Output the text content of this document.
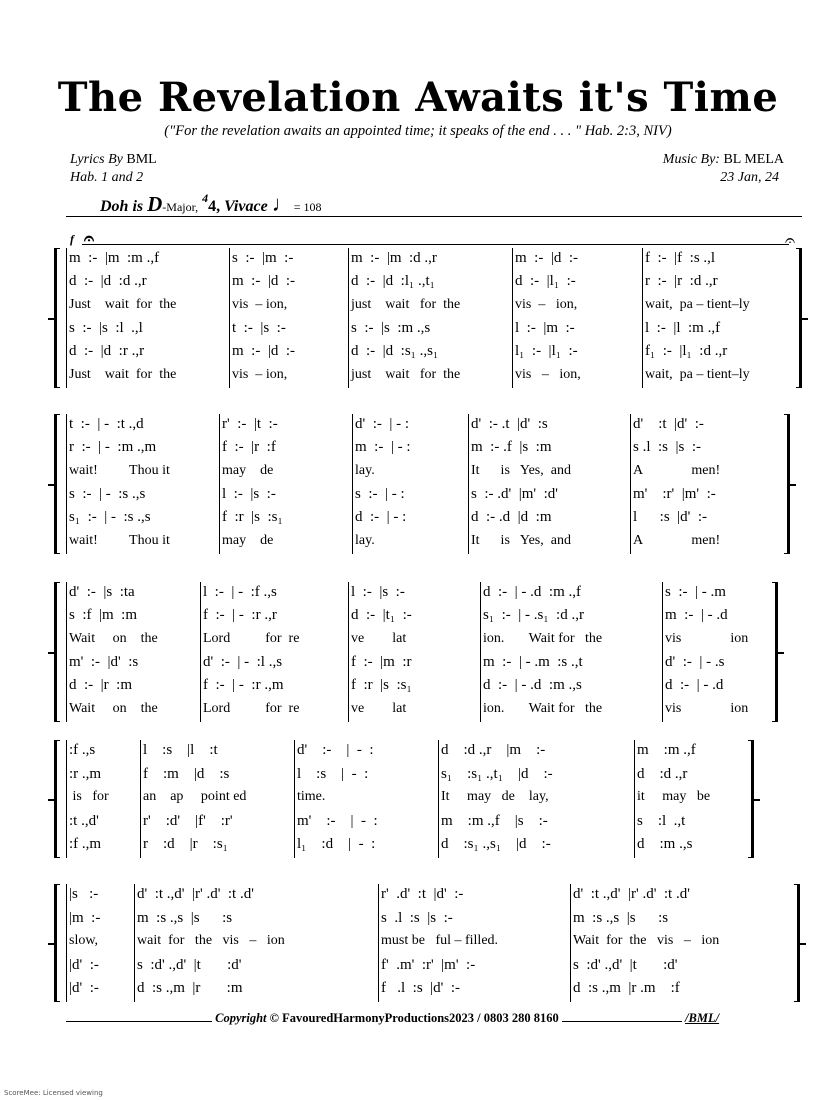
The Revelation Awaits it's Time
("For the revelation awaits an appointed time; it speaks of the end . . . " Hab. 2:3, NIV)
Lyrics By BML
Hab. 1 and 2
Music By: BL MELA
23 Jan, 24
Doh is D-Major, $^4$4, Vivace ♩= 108
f 𝄐	𝄐
m  :-  |m  :m .,f	s  :-  |m  :-	m  :-  |m  :d .,r	m  :-  |d  :-	f  :-  |f  :s .,l
d  :-  |d  :d .,r	m  :-  |d  :-	d  :-  |d  :l₁ .,t₁	d  :-  |l₁  :-	r  :-  |r  :d .,r
Just    wait  for  the	vis  – ion,	just    wait   for  the	vis  –   ion,	wait,  pa – tient–ly
s  :-  |s  :l  .,l	t  :-  |s  :-	s  :-  |s  :m .,s	l  :-  |m  :-	l  :-  |l  :m .,f
d  :-  |d  :r .,r	m  :-  |d  :-	d  :-  |d  :s₁ .,s₁	l₁  :-  |l₁  :-	f₁  :-  |l₁  :d .,r
Just    wait  for  the	vis  – ion,	just    wait   for  the	vis   –   ion,	wait,  pa – tient–ly
t  :-  | -  :t .,d	r'  :-  |t  :-	d'  :-  | - :	d'  :- .t  |d'  :s	d'    :t  |d'  :-
r  :-  | -  :m .,m	f  :-  |r  :f	m  :-  | - :	m  :- .f  |s  :m	s .l  :s  |s  :-
wait!         Thou it	may    de	lay.	It      is   Yes,  and	A              men!
s  :-  | -  :s .,s	l  :-  |s  :-	s  :-  | - :	s  :- .d'  |m'  :d'	m'    :r'  |m'  :-
s₁  :-  | -  :s .,s	f  :r  |s  :s₁	d  :-  | - :	d  :- .d  |d  :m	l      :s  |d'  :-
wait!         Thou it	may    de	lay.	It      is   Yes,  and	A              men!
d'  :-  |s  :ta	l  :-  | -  :f .,s	l  :-  |s  :-	d  :-  | - .d  :m .,f	s  :-  | - .m
s  :f  |m  :m	f  :-  | -  :r .,r	d  :-  |t₁  :-	s₁  :-  | - .s₁  :d .,r	m  :-  | - .d
Wait     on    the	Lord          for  re	ve        lat	ion.       Wait for   the	vis              ion
m'  :-  |d'  :s	d'  :-  | -  :l .,s	f  :-  |m  :r	m  :-  | - .m  :s .,t	d'  :-  | - .s
d  :-  |r  :m	f  :-  | -  :r .,m	f  :r  |s  :s₁	d  :-  | - .d  :m .,s	d  :-  | - .d
Wait     on    the	Lord          for  re	ve        lat	ion.       Wait for   the	vis              ion
:f .,s	l    :s    |l    :t	d'    :-    |  -  :	d    :d .,r    |m    :-	m    :m .,f
:r .,m	f    :m    |d    :s	l    :s    |  -  :	s₁    :s₁ .,t₁    |d    :-	d    :d .,r
is   for	an    ap     point ed	time.	It     may   de    lay,	it     may   be
:t .,d'	r'    :d'    |f'    :r'	m'    :-    |  -  :	m    :m .,f    |s    :-	s    :l  .,t
:f .,m	r    :d    |r    :s₁	l₁    :d    |  -  :	d    :s₁ .,s₁    |d    :-	d    :m .,s
|s   :-	d'  :t .,d'  |r' .d'  :t .d'	r'  .d'  :t  |d'  :-	d'  :t .,d'  |r' .d'  :t .d'
|m  :-	m  :s .,s  |s      :s	s  .l  :s  |s  :-	m  :s .,s  |s      :s
slow,	wait  for   the   vis   –   ion	must be   ful – filled.	Wait  for  the   vis   –   ion
|d'  :-	s  :d' .,d'  |t       :d'	f'  .m'  :r'  |m'  :-	s  :d' .,d'  |t       :d'
|d'  :-	d  :s .,m  |r       :m	f   .l  :s  |d'  :-	d  :s .,m  |r .m    :f
Copyright © FavouredHarmonyProductions2023 / 0803 280 8160	/BML/
ScoreMee: Licensed viewing
